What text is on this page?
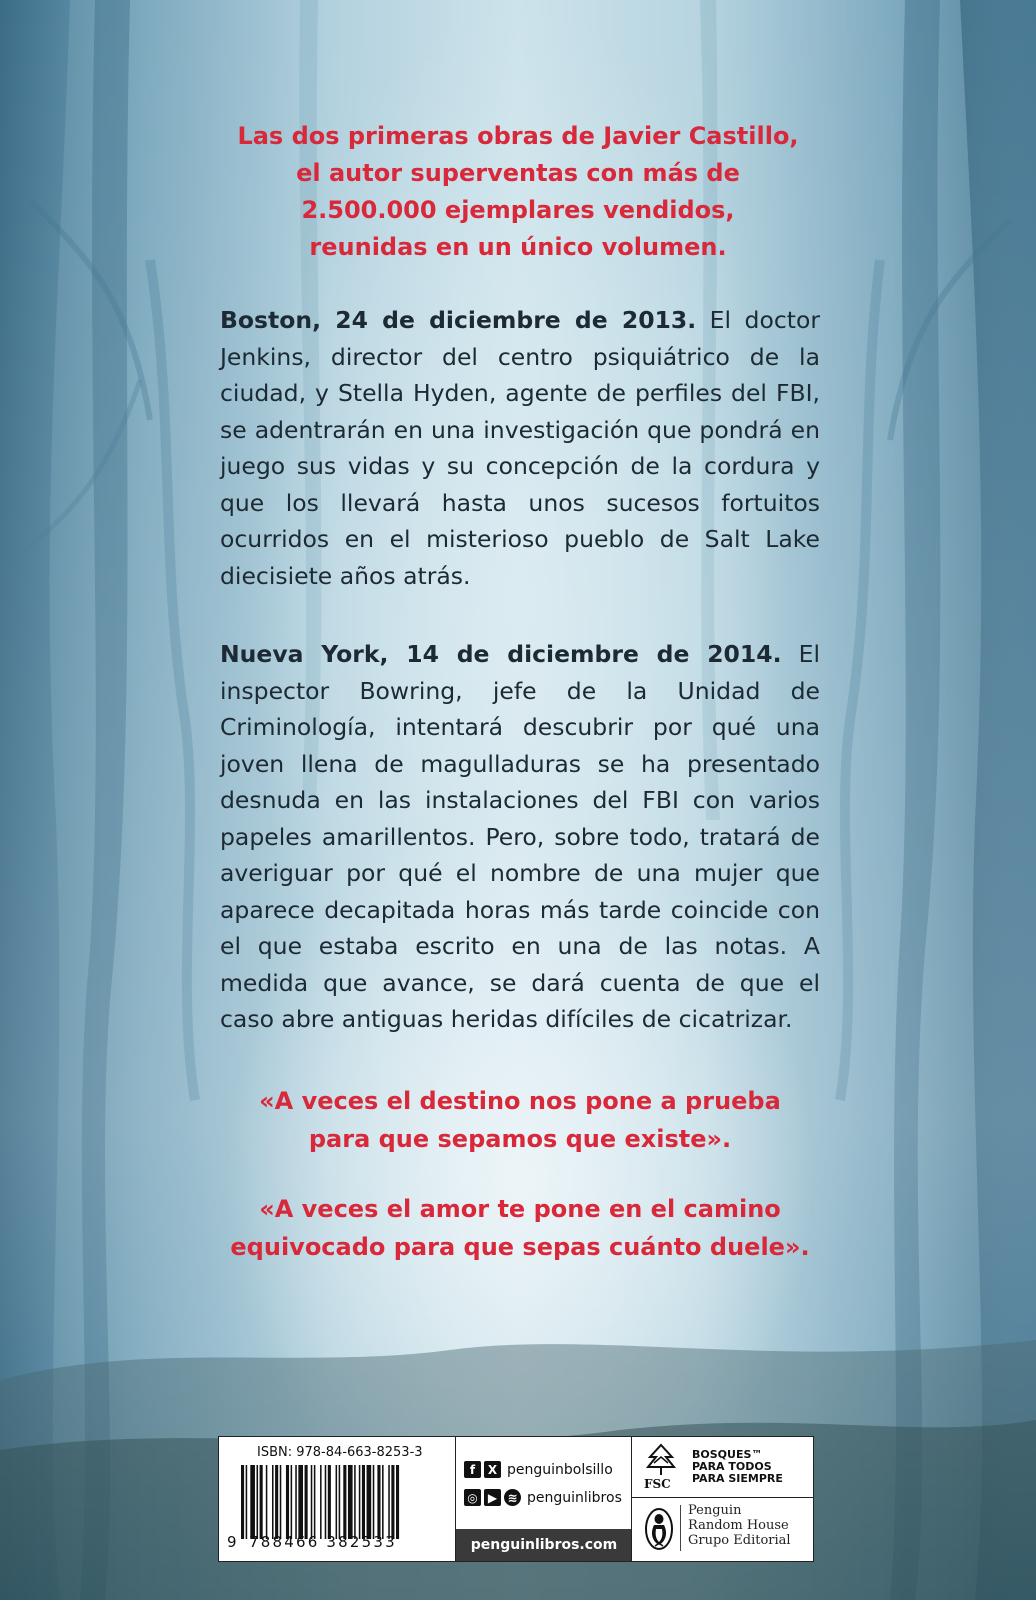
Las dos primeras obras de Javier Castillo,
el autor superventas con más de
2.500.000 ejemplares vendidos,
reunidas en un único volumen.

Boston, 24 de diciembre de 2013. El doctor Jenkins, director del centro psiquiátrico de la ciudad, y Stella Hyden, agente de perfiles del FBI, se adentrarán en una investigación que pondrá en juego sus vidas y su concepción de la cordura y que los llevará hasta unos sucesos fortuitos ocurridos en el misterioso pueblo de Salt Lake diecisiete años atrás.

Nueva York, 14 de diciembre de 2014. El inspector Bowring, jefe de la Unidad de Criminología, intentará descubrir por qué una joven llena de magulladuras se ha presentado desnuda en las instalaciones del FBI con varios papeles amarillentos. Pero, sobre todo, tratará de averiguar por qué el nombre de una mujer que aparece decapitada horas más tarde coincide con el que estaba escrito en una de las notas. A medida que avance, se dará cuenta de que el caso abre antiguas heridas difíciles de cicatrizar.

«A veces el destino nos pone a prueba
para que sepamos que existe».
«A veces el amor te pone en el camino
equivocado para que sepas cuánto duele».
ISBN: 978-84-663-8253-3
9 788466 382533
f	X penguinbolsillo
◎ ▶ ≋ penguinlibros
penguinlibros.com
FSC
BOSQUES™
PARA TODOS
PARA SIEMPRE
Penguin
Random House
Grupo Editorial
